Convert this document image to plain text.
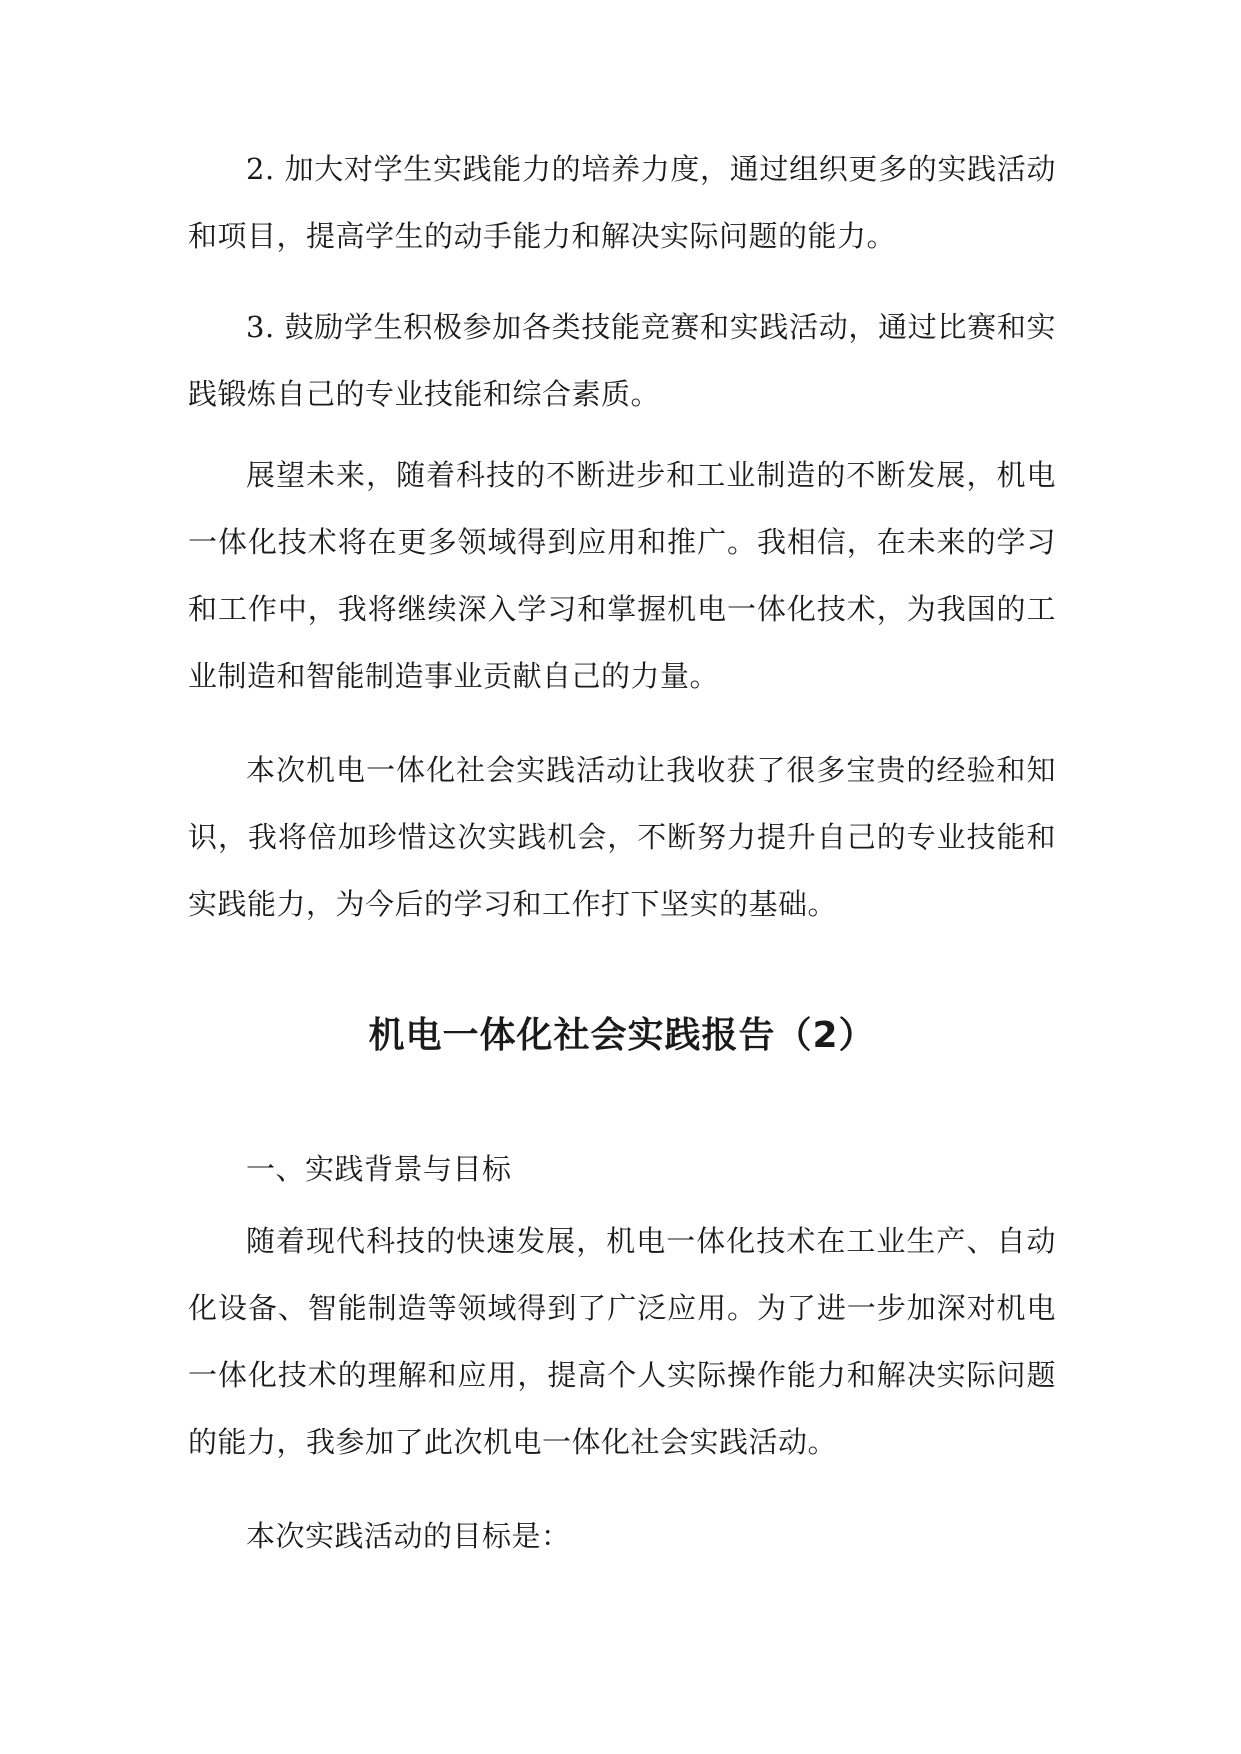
2. 加大对学生实践能力的培养力度，通过组织更多的实践活动和项目，提高学生的动手能力和解决实际问题的能力。

3. 鼓励学生积极参加各类技能竞赛和实践活动，通过比赛和实践锻炼自己的专业技能和综合素质。

展望未来，随着科技的不断进步和工业制造的不断发展，机电一体化技术将在更多领域得到应用和推广。我相信，在未来的学习和工作中，我将继续深入学习和掌握机电一体化技术，为我国的工业制造和智能制造事业贡献自己的力量。

本次机电一体化社会实践活动让我收获了很多宝贵的经验和知识，我将倍加珍惜这次实践机会，不断努力提升自己的专业技能和实践能力，为今后的学习和工作打下坚实的基础。

机电一体化社会实践报告（2）

一、实践背景与目标

随着现代科技的快速发展，机电一体化技术在工业生产、自动化设备、智能制造等领域得到了广泛应用。为了进一步加深对机电一体化技术的理解和应用，提高个人实际操作能力和解决实际问题的能力，我参加了此次机电一体化社会实践活动。

本次实践活动的目标是：
